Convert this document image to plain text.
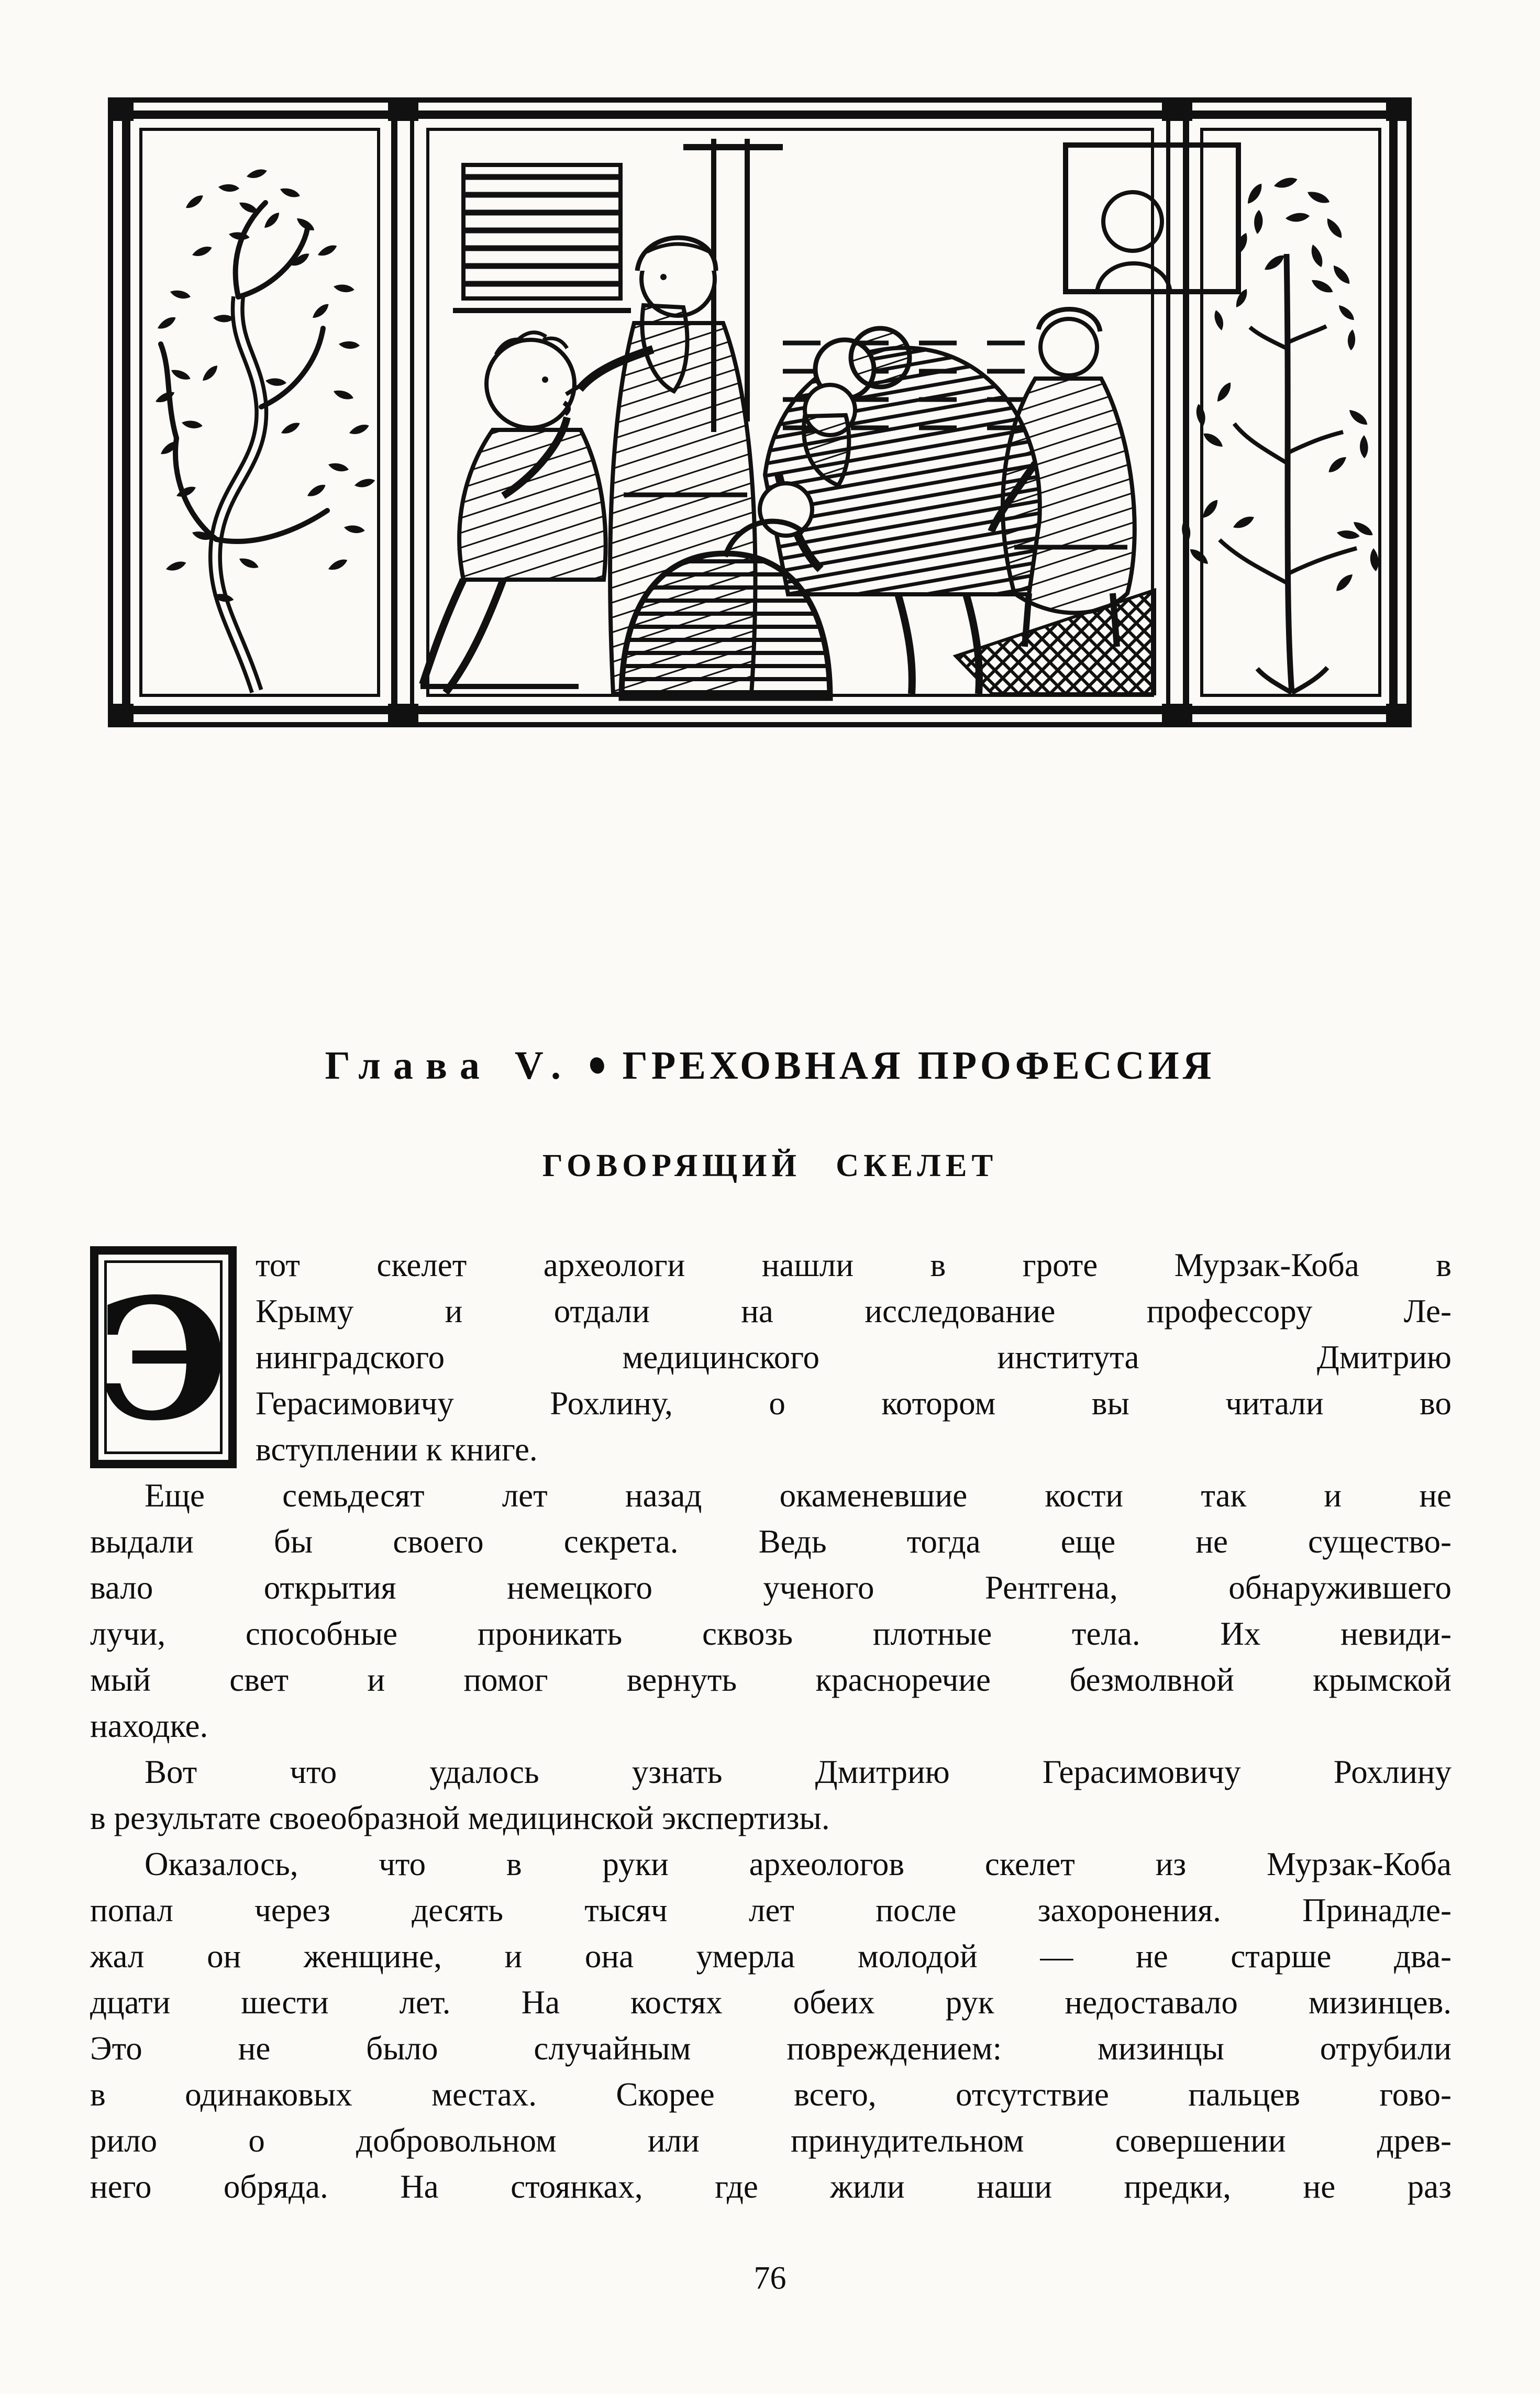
Глава V. ● ГРЕХОВНАЯ ПРОФЕССИЯ
ГОВОРЯЩИЙ СКЕЛЕТ
Э тот скелет археологи нашли в гроте Мурзак-Коба в
Крыму и отдали на исследование профессору Ле-
нинградского медицинского института Дмитрию
Герасимовичу Рохлину, о котором вы читали во
вступлении к книге.
Еще семьдесят лет назад окаменевшие кости так и не
выдали бы своего секрета. Ведь тогда еще не существо-
вало открытия немецкого ученого Рентгена, обнаружившего
лучи, способные проникать сквозь плотные тела. Их невиди-
мый свет и помог вернуть красноречие безмолвной крымской
находке.
Вот что удалось узнать Дмитрию Герасимовичу Рохлину
в результате своеобразной медицинской экспертизы.
Оказалось, что в руки археологов скелет из Мурзак-Коба
попал через десять тысяч лет после захоронения. Принадле-
жал он женщине, и она умерла молодой — не старше два-
дцати шести лет. На костях обеих рук недоставало мизинцев.
Это не было случайным повреждением: мизинцы отрубили
в одинаковых местах. Скорее всего, отсутствие пальцев гово-
рило о добровольном или принудительном совершении древ-
него обряда. На стоянках, где жили наши предки, не раз
76
